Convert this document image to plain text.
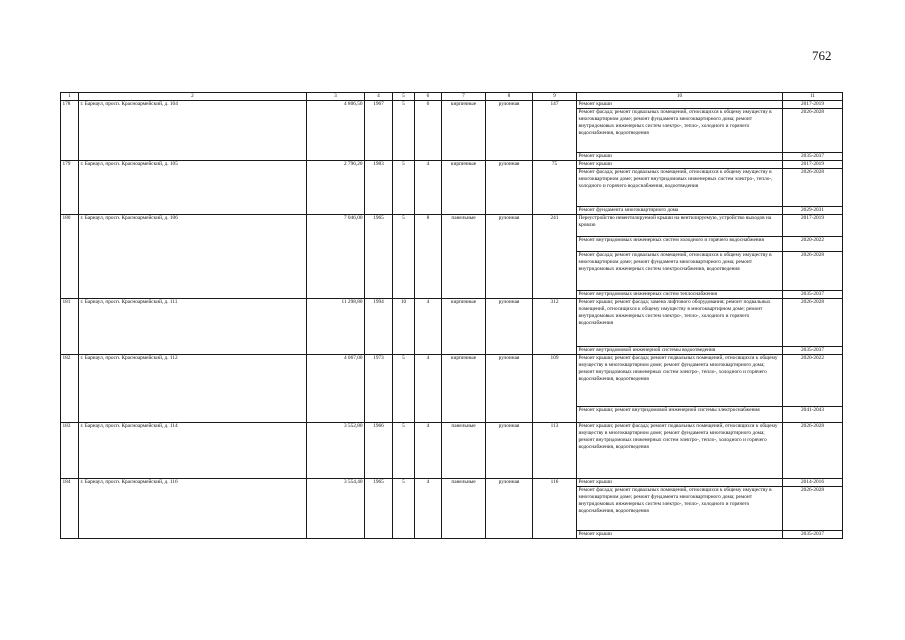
762
1	2	3	4	5	6	7	8	9	10	11
178	г. Барнаул, просп. Красноармейский, д. 104	4 806,50	1967	5	6	кирпичные	рулонная	147	Ремонт крыши	2017-2019
									Ремонт фасада; ремонт подвальных помещений, относящихся к общему имуществу в многоквартирном доме; ремонт фундамента многоквартирного дома; ремонт внутридомовых инженерных систем электро-, тепло-, холодного и горячего водоснабжения, водоотведения	2026-2028
									Ремонт крыши	2035-2037
179	г. Барнаул, просп. Красноармейский, д. 105	2 796,20	1983	5	4	кирпичные	рулонная	75	Ремонт крыши	2017-2019
									Ремонт фасада; ремонт подвальных помещений, относящихся к общему имуществу в многоквартирном доме; ремонт внутридомовых инженерных систем электро-, тепло-, холодного и горячего водоснабжения, водоотведения	2026-2028
									Ремонт фундамента многоквартирного дома	2029-2031
180	г. Барнаул, просп. Красноармейский, д. 106	7 046,00	1965	5	8	панельные	рулонная	241	Переустройство невентилируемой крыши на вентилируемую, устройство выходов на кровлю	2017-2019
									Ремонт внутридомовых инженерных систем холодного и горячего водоснабжения	2020-2022
									Ремонт фасада; ремонт подвальных помещений, относящихся к общему имуществу в многоквартирном доме; ремонт фундамента многоквартирного дома; ремонт внутридомовых инженерных систем электроснабжения, водоотведения	2026-2028
									Ремонт внутридомовых инженерных систем теплоснабжения	2035-2037
181	г. Барнаул, просп. Красноармейский, д. 111	11 298,80	1994	10	4	кирпичные	рулонная	312	Ремонт крыши; ремонт фасада; замена лифтового оборудования; ремонт подвальных помещений, относящихся к общему имуществу в многоквартирном доме; ремонт внутридомовых инженерных систем электро-, тепло-, холодного и горячего водоснабжения	2026-2028
									Ремонт внутридомовой инженерной системы водоотведения	2035-2037
182	г. Барнаул, просп. Красноармейский, д. 112	4 067,00	1973	5	4	кирпичные	рулонная	109	Ремонт крыши; ремонт фасада; ремонт подвальных помещений, относящихся к общему имуществу в многоквартирном доме; ремонт фундамента многоквартирного дома; ремонт внутридомовых инженерных систем электро-, тепло-, холодного и горячего водоснабжения, водоотведения	2020-2022
									Ремонт крыши; ремонт внутридомовой инженерной системы электроснабжения	2041-2043
183	г. Барнаул, просп. Красноармейский, д. 114	3 552,80	1966	5	4	панельные	рулонная	113	Ремонт крыши; ремонт фасада; ремонт подвальных помещений, относящихся к общему имуществу в многоквартирном доме; ремонт фундамента многоквартирного дома; ремонт внутридомовых инженерных систем электро-, тепло-, холодного и горячего водоснабжения, водоотведения	2026-2028
184	г. Барнаул, просп. Красноармейский, д. 116	3 554,40	1965	5	4	панельные	рулонная	116	Ремонт крыши	2014-2016
									Ремонт фасада; ремонт подвальных помещений, относящихся к общему имуществу в многоквартирном доме; ремонт фундамента многоквартирного дома; ремонт внутридомовых инженерных систем электро-, тепло-, холодного и горячего водоснабжения, водоотведения	2026-2028
									Ремонт крыши	2035-2037
